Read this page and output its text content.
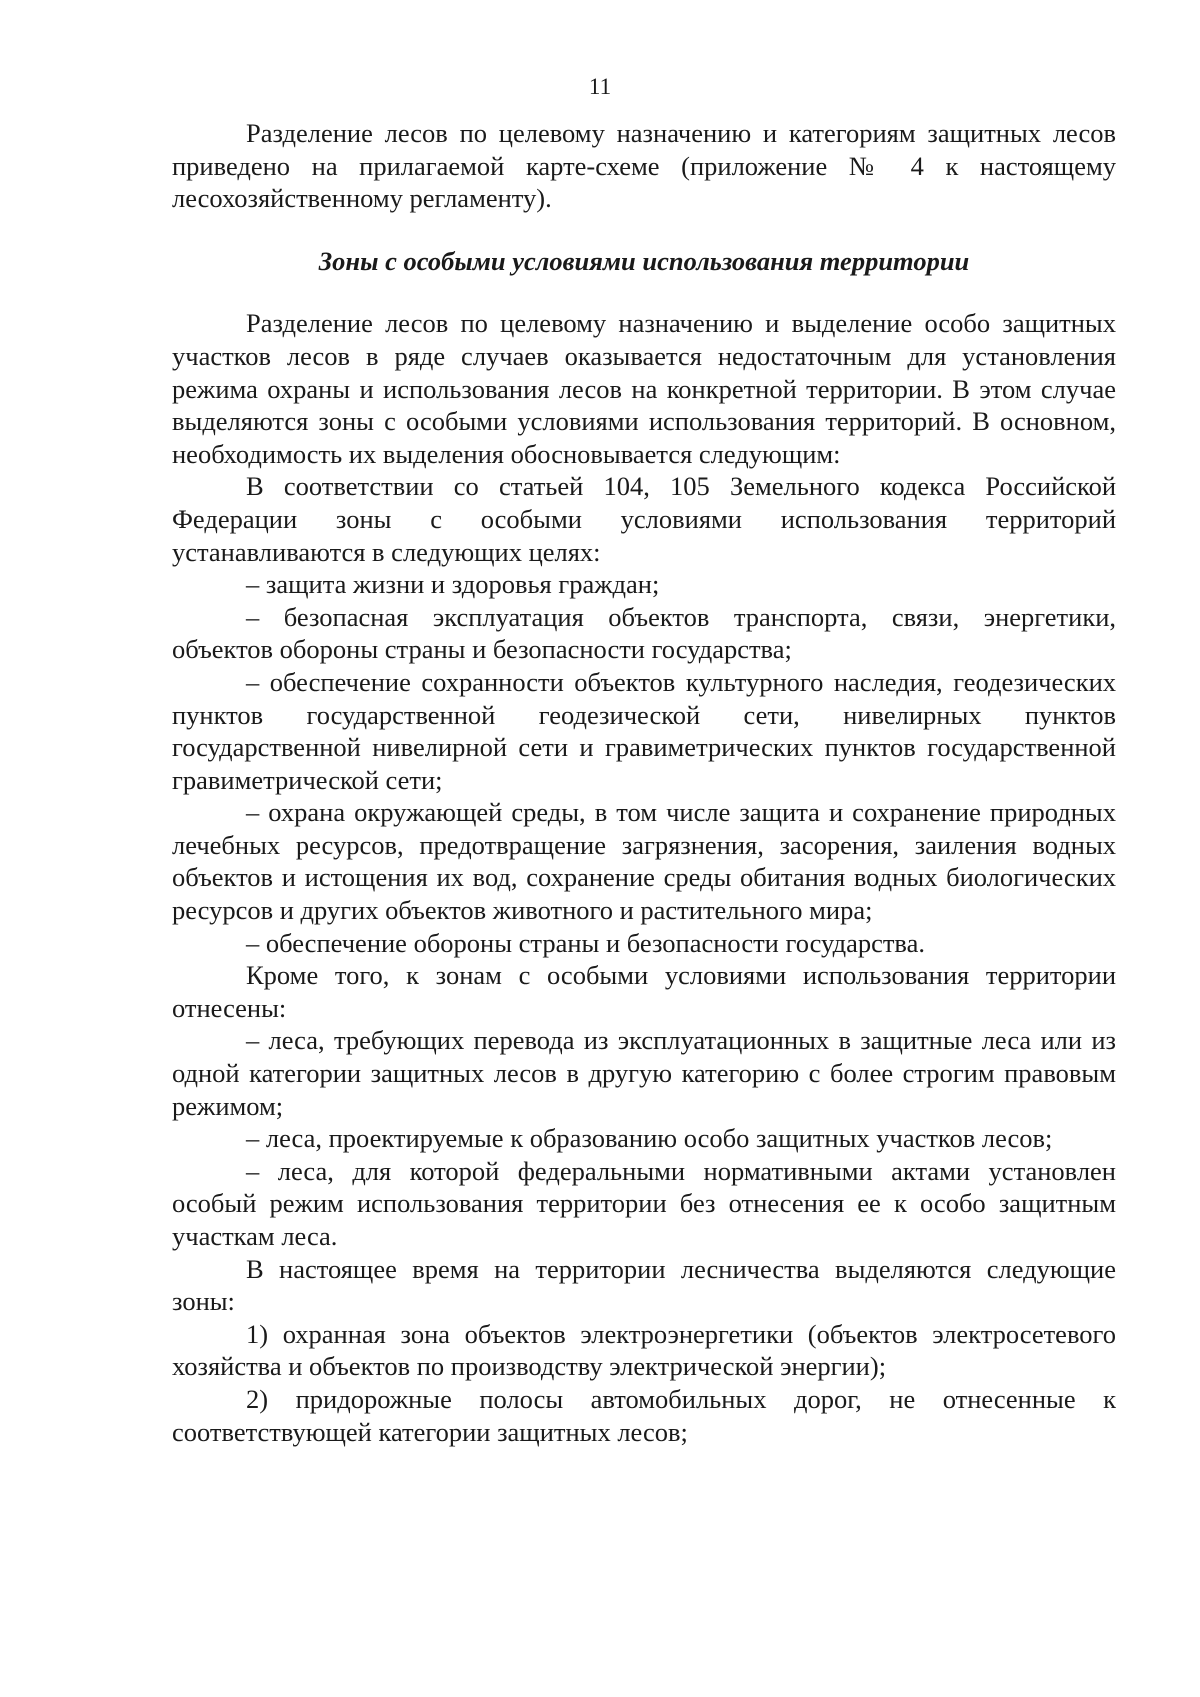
11

Разделение лесов по целевому назначению и категориям защитных лесов приведено на прилагаемой карте-схеме (приложение № 4 к настоящему лесохозяйственному регламенту).

Зоны с особыми условиями использования территории

Разделение лесов по целевому назначению и выделение особо защитных участков лесов в ряде случаев оказывается недостаточным для установления режима охраны и использования лесов на конкретной территории. В этом случае выделяются зоны с особыми условиями использования территорий. В основном, необходимость их выделения обосновывается следующим:

В соответствии со статьей 104, 105 Земельного кодекса Российской Федерации зоны с особыми условиями использования территорий устанавливаются в следующих целях:

– защита жизни и здоровья граждан;

– безопасная эксплуатация объектов транспорта, связи, энергетики, объектов обороны страны и безопасности государства;

– обеспечение сохранности объектов культурного наследия, геодезических пунктов государственной геодезической сети, нивелирных пунктов государственной нивелирной сети и гравиметрических пунктов государственной гравиметрической сети;

– охрана окружающей среды, в том числе защита и сохранение природных лечебных ресурсов, предотвращение загрязнения, засорения, заиления водных объектов и истощения их вод, сохранение среды обитания водных биологических ресурсов и других объектов животного и растительного мира;

– обеспечение обороны страны и безопасности государства.

Кроме того, к зонам с особыми условиями использования территории отнесены:

– леса, требующих перевода из эксплуатационных в защитные леса или из одной категории защитных лесов в другую категорию с более строгим правовым режимом;

– леса, проектируемые к образованию особо защитных участков лесов;

– леса, для которой федеральными нормативными актами установлен особый режим использования территории без отнесения ее к особо защитным участкам леса.

В настоящее время на территории лесничества выделяются следующие зоны:

1) охранная зона объектов электроэнергетики (объектов электросетевого хозяйства и объектов по производству электрической энергии);

2) придорожные полосы автомобильных дорог, не отнесенные к соответствующей категории защитных лесов;
